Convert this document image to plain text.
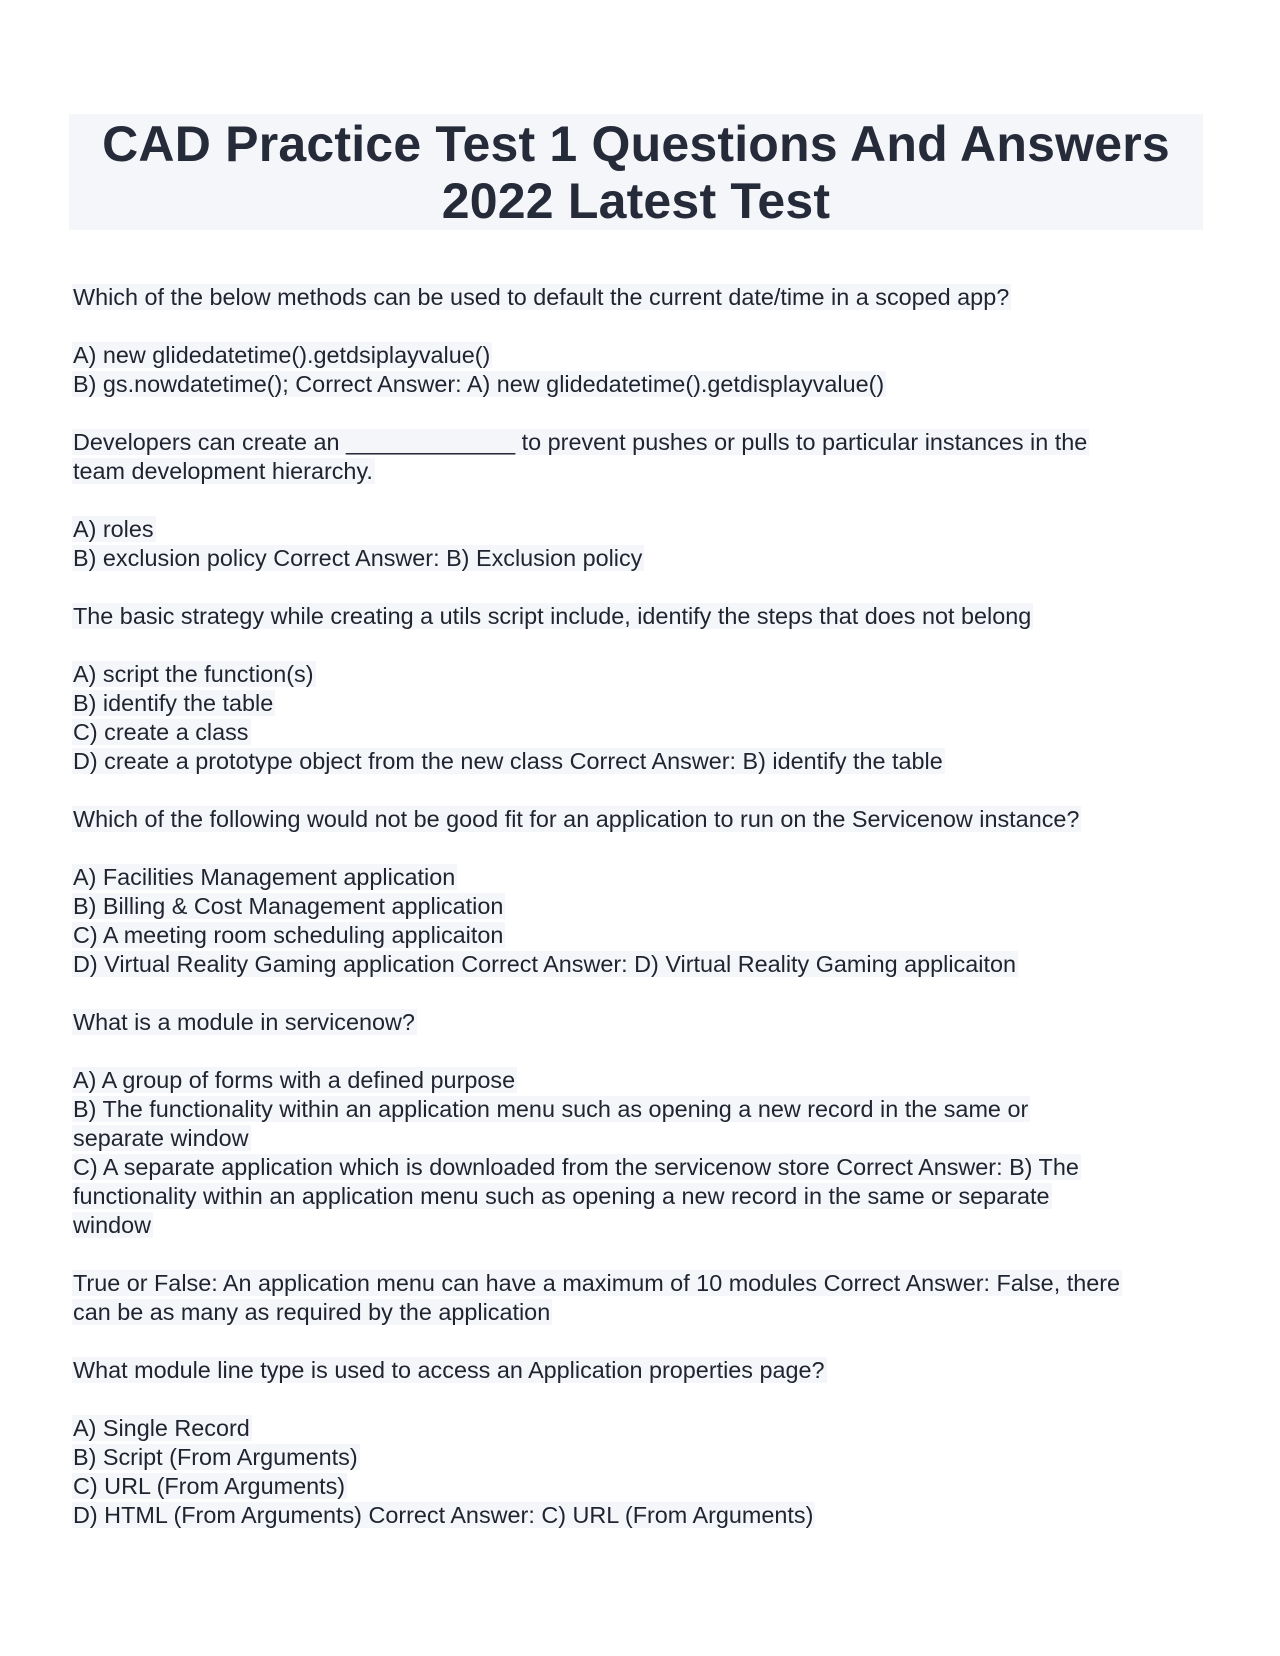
CAD Practice Test 1 Questions And Answers
2022 Latest Test
Which of the below methods can be used to default the current date/time in a scoped app?
A) new glidedatetime().getdsiplayvalue()
B) gs.nowdatetime(); Correct Answer: A) new glidedatetime().getdisplayvalue()
Developers can create an _____________ to prevent pushes or pulls to particular instances in the
team development hierarchy.
A) roles
B) exclusion policy Correct Answer: B) Exclusion policy
The basic strategy while creating a utils script include, identify the steps that does not belong
A) script the function(s)
B) identify the table
C) create a class
D) create a prototype object from the new class Correct Answer: B) identify the table
Which of the following would not be good fit for an application to run on the Servicenow instance?
A) Facilities Management application
B) Billing & Cost Management application
C) A meeting room scheduling applicaiton
D) Virtual Reality Gaming application Correct Answer: D) Virtual Reality Gaming applicaiton
What is a module in servicenow?
A) A group of forms with a defined purpose
B) The functionality within an application menu such as opening a new record in the same or
separate window
C) A separate application which is downloaded from the servicenow store Correct Answer: B) The
functionality within an application menu such as opening a new record in the same or separate
window
True or False: An application menu can have a maximum of 10 modules Correct Answer: False, there
can be as many as required by the application
What module line type is used to access an Application properties page?
A) Single Record
B) Script (From Arguments)
C) URL (From Arguments)
D) HTML (From Arguments) Correct Answer: C) URL (From Arguments)
